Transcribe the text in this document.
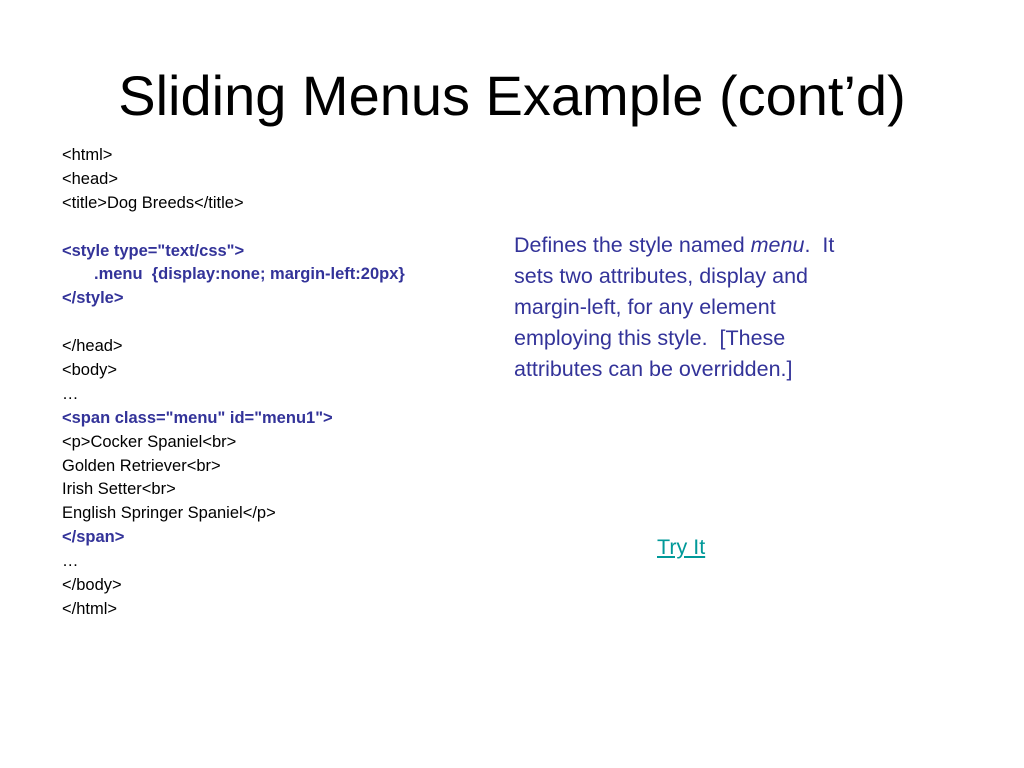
Sliding Menus Example (cont’d)
<html>
<head>
<title>Dog Breeds</title>
<style type="text/css">
.menu  {display:none; margin-left:20px}
</style>
</head>
<body>
…
<span class="menu" id="menu1">
<p>Cocker Spaniel<br>
Golden Retriever<br>
Irish Setter<br>
English Springer Spaniel</p>
</span>
…
</body>
</html>
Defines the style named menu.  It
sets two attributes, display and
margin-left, for any element
employing this style.  [These
attributes can be overridden.]
Try It
